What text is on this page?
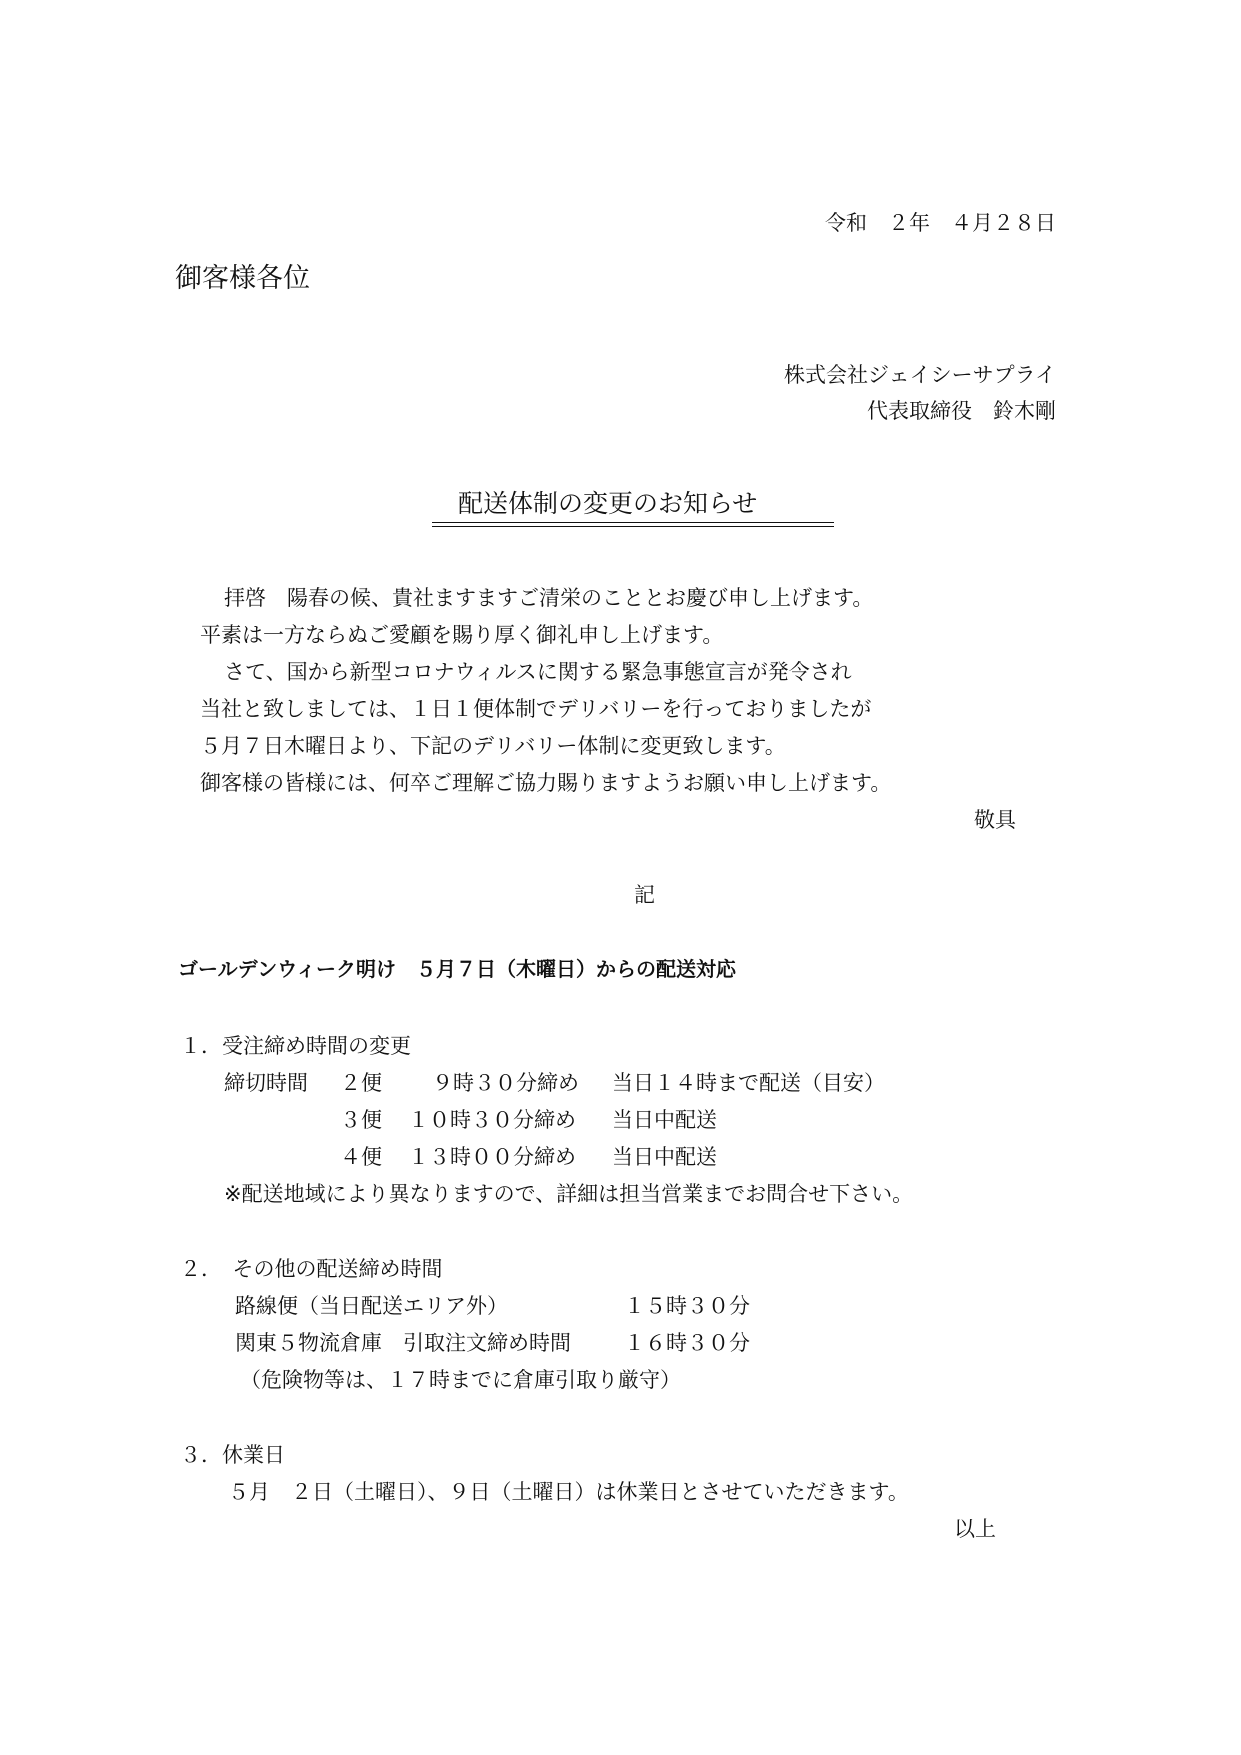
令和　２年　４月２８日
御客様各位
株式会社ジェイシーサプライ
代表取締役　鈴木剛
配送体制の変更のお知らせ
拝啓　陽春の候、貴社ますますご清栄のこととお慶び申し上げます。
平素は一方ならぬご愛顧を賜り厚く御礼申し上げます。
さて、国から新型コロナウィルスに関する緊急事態宣言が発令され
当社と致しましては、１日１便体制でデリバリーを行っておりましたが
５月７日木曜日より、下記のデリバリー体制に変更致します。
御客様の皆様には、何卒ご理解ご協力賜りますようお願い申し上げます。
敬具
記
ゴールデンウィーク明け　５月７日（木曜日）からの配送対応
１．受注締め時間の変更
締切時間 ２便 ９時３０分締め 当日１４時まで配送（目安）
３便 １０時３０分締め 当日中配送
４便 １３時００分締め 当日中配送
※配送地域により異なりますので、詳細は担当営業までお問合せ下さい。
２．　その他の配送締め時間
路線便（当日配送エリア外）	１５時３０分
関東５物流倉庫　引取注文締め時間	１６時３０分
（危険物等は、１７時までに倉庫引取り厳守）
３．休業日
５月　２日（土曜日）、９日（土曜日）は休業日とさせていただきます。
以上
